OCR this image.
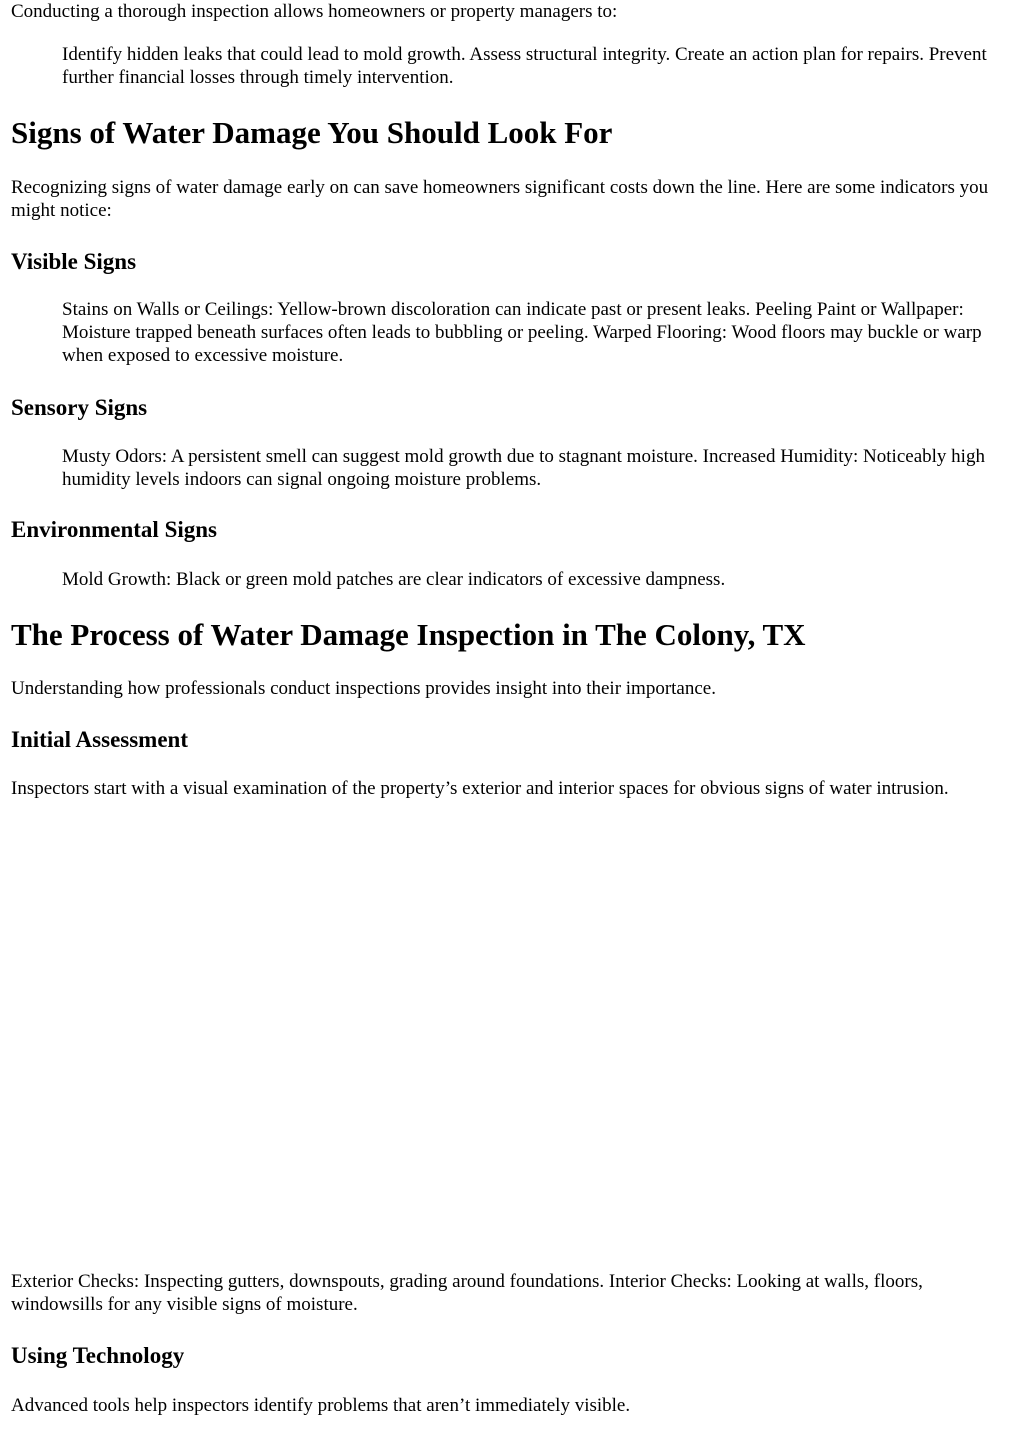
Conducting a thorough inspection allows homeowners or property managers to:

Identify hidden leaks that could lead to mold growth. Assess structural integrity. Create an action plan for repairs. Prevent further financial losses through timely intervention.
Signs of Water Damage You Should Look For

Recognizing signs of water damage early on can save homeowners significant costs down the line. Here are some indicators you might notice:

Visible Signs
Stains on Walls or Ceilings: Yellow-brown discoloration can indicate past or present leaks. Peeling Paint or Wallpaper: Moisture trapped beneath surfaces often leads to bubbling or peeling. Warped Flooring: Wood floors may buckle or warp when exposed to excessive moisture.
Sensory Signs
Musty Odors: A persistent smell can suggest mold growth due to stagnant moisture. Increased Humidity: Noticeably high humidity levels indoors can signal ongoing moisture problems.
Environmental Signs
Mold Growth: Black or green mold patches are clear indicators of excessive dampness.
The Process of Water Damage Inspection in The Colony, TX

Understanding how professionals conduct inspections provides insight into their importance.

Initial Assessment

Inspectors start with a visual examination of the property’s exterior and interior spaces for obvious signs of water intrusion.

Exterior Checks: Inspecting gutters, downspouts, grading around foundations. Interior Checks: Looking at walls, floors, windowsills for any visible signs of moisture.

Using Technology

Advanced tools help inspectors identify problems that aren’t immediately visible.
